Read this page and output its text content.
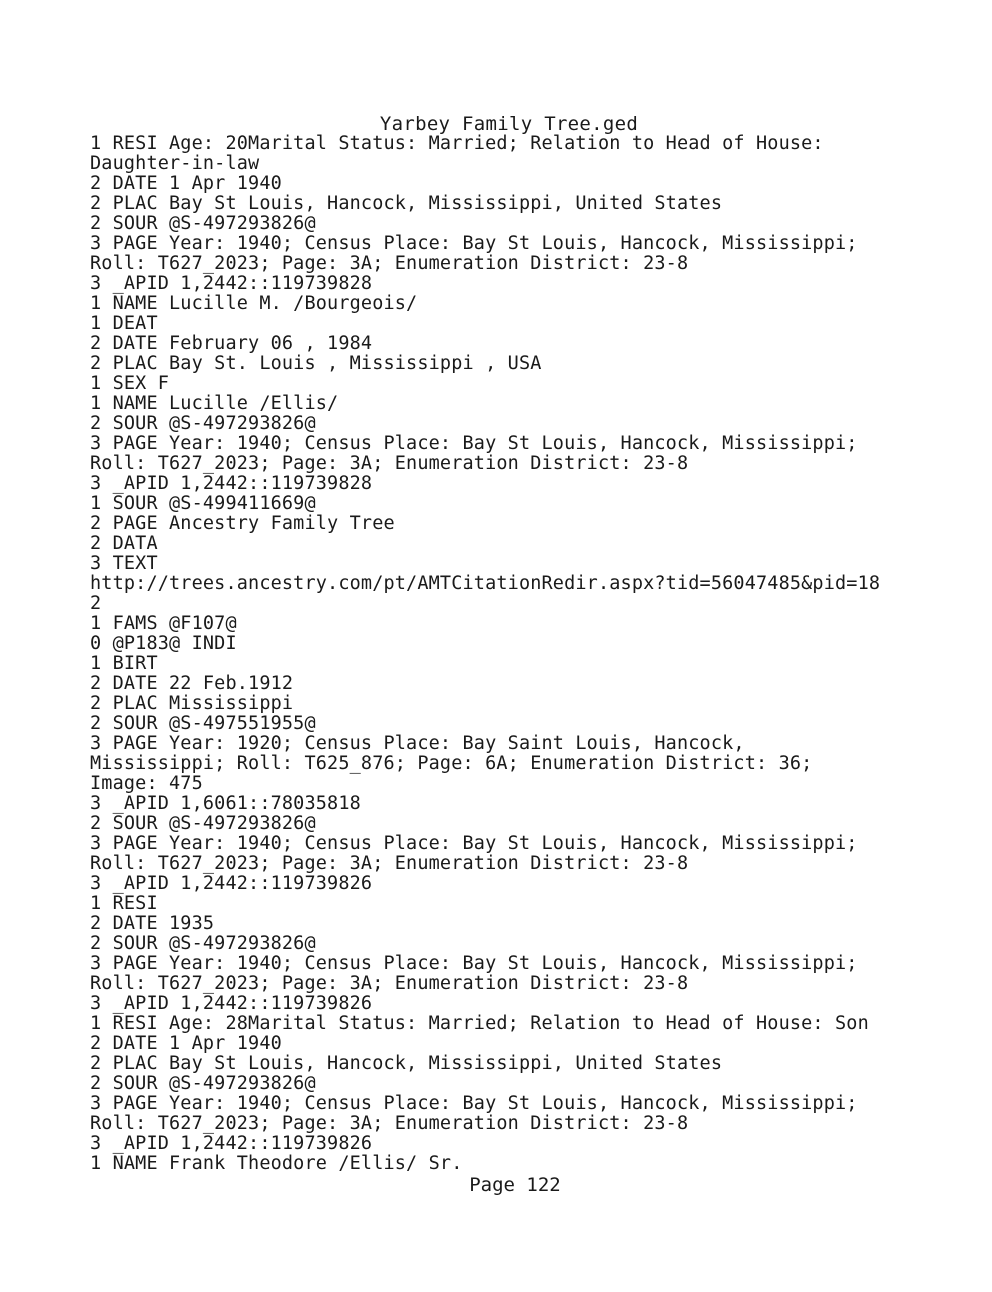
Yarbey Family Tree.ged
1 RESI Age: 20Marital Status: Married; Relation to Head of House:
Daughter-in-law
2 DATE 1 Apr 1940
2 PLAC Bay St Louis, Hancock, Mississippi, United States
2 SOUR @S-497293826@
3 PAGE Year: 1940; Census Place: Bay St Louis, Hancock, Mississippi;
Roll: T627_2023; Page: 3A; Enumeration District: 23-8
3 _APID 1,2442::119739828
1 NAME Lucille M. /Bourgeois/
1 DEAT
2 DATE February 06 , 1984
2 PLAC Bay St. Louis , Mississippi , USA
1 SEX F
1 NAME Lucille /Ellis/
2 SOUR @S-497293826@
3 PAGE Year: 1940; Census Place: Bay St Louis, Hancock, Mississippi;
Roll: T627_2023; Page: 3A; Enumeration District: 23-8
3 _APID 1,2442::119739828
1 SOUR @S-499411669@
2 PAGE Ancestry Family Tree
2 DATA
3 TEXT
http://trees.ancestry.com/pt/AMTCitationRedir.aspx?tid=56047485&pid=18
2
1 FAMS @F107@
0 @P183@ INDI
1 BIRT
2 DATE 22 Feb.1912
2 PLAC Mississippi
2 SOUR @S-497551955@
3 PAGE Year: 1920; Census Place: Bay Saint Louis, Hancock,
Mississippi; Roll: T625_876; Page: 6A; Enumeration District: 36;
Image: 475
3 _APID 1,6061::78035818
2 SOUR @S-497293826@
3 PAGE Year: 1940; Census Place: Bay St Louis, Hancock, Mississippi;
Roll: T627_2023; Page: 3A; Enumeration District: 23-8
3 _APID 1,2442::119739826
1 RESI
2 DATE 1935
2 SOUR @S-497293826@
3 PAGE Year: 1940; Census Place: Bay St Louis, Hancock, Mississippi;
Roll: T627_2023; Page: 3A; Enumeration District: 23-8
3 _APID 1,2442::119739826
1 RESI Age: 28Marital Status: Married; Relation to Head of House: Son
2 DATE 1 Apr 1940
2 PLAC Bay St Louis, Hancock, Mississippi, United States
2 SOUR @S-497293826@
3 PAGE Year: 1940; Census Place: Bay St Louis, Hancock, Mississippi;
Roll: T627_2023; Page: 3A; Enumeration District: 23-8
3 _APID 1,2442::119739826
1 NAME Frank Theodore /Ellis/ Sr.
Page 122
